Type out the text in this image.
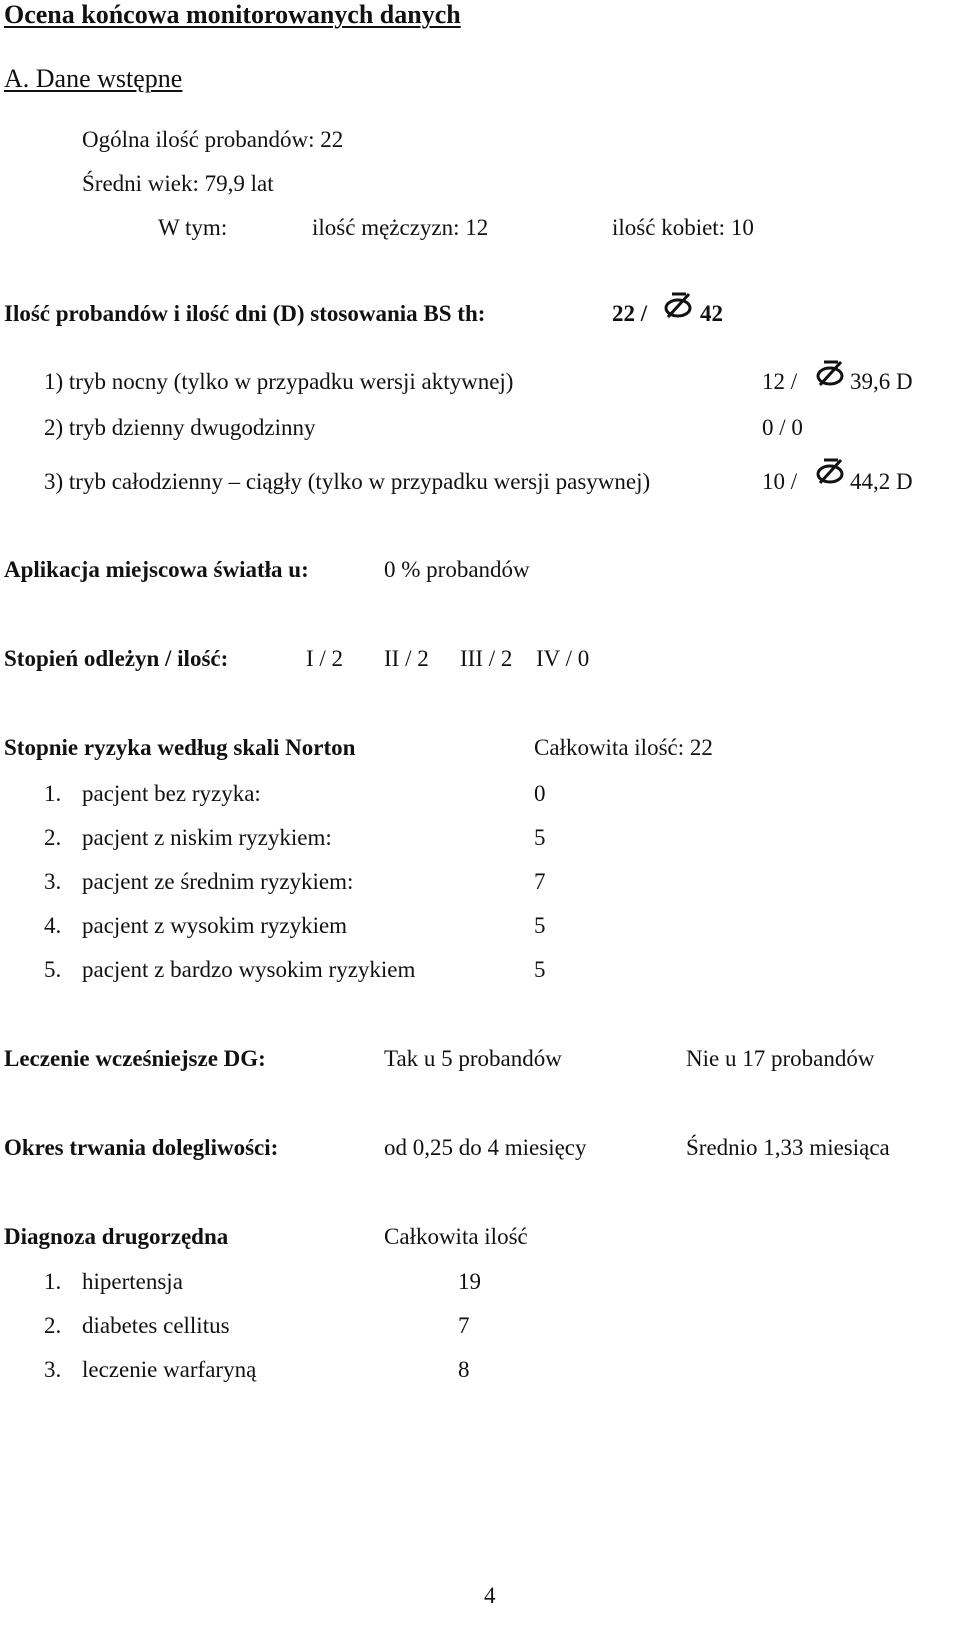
Ocena końcowa monitorowanych danych
A. Dane wstępne
Ogólna ilość probandów: 22
Średni wiek: 79,9 lat
W tym:	ilość mężczyzn: 12	ilość kobiet: 10
Ilość probandów i ilość dni (D) stosowania BS th:	22 / 42
1) tryb nocny (tylko w przypadku wersji aktywnej)	12 / 39,6 D
2) tryb dzienny dwugodzinny	0 / 0
3) tryb całodzienny – ciągły (tylko w przypadku wersji pasywnej)	10 / 44,2 D
Aplikacja miejscowa światła u:	0 % probandów
Stopień odleżyn / ilość:	I / 2 II / 2 III / 2 IV / 0
Stopnie ryzyka według skali Norton	Całkowita ilość: 22
1. pacjent bez ryzyka:	0
2. pacjent z niskim ryzykiem:	5
3. pacjent ze średnim ryzykiem:	7
4. pacjent z wysokim ryzykiem	5
5. pacjent z bardzo wysokim ryzykiem	5
Leczenie wcześniejsze DG:	Tak u 5 probandów	Nie u 17 probandów
Okres trwania dolegliwości:	od 0,25 do 4 miesięcy	Średnio 1,33 miesiąca
Diagnoza drugorzędna	Całkowita ilość
1. hipertensja	19
2. diabetes cellitus	7
3. leczenie warfaryną	8
4
